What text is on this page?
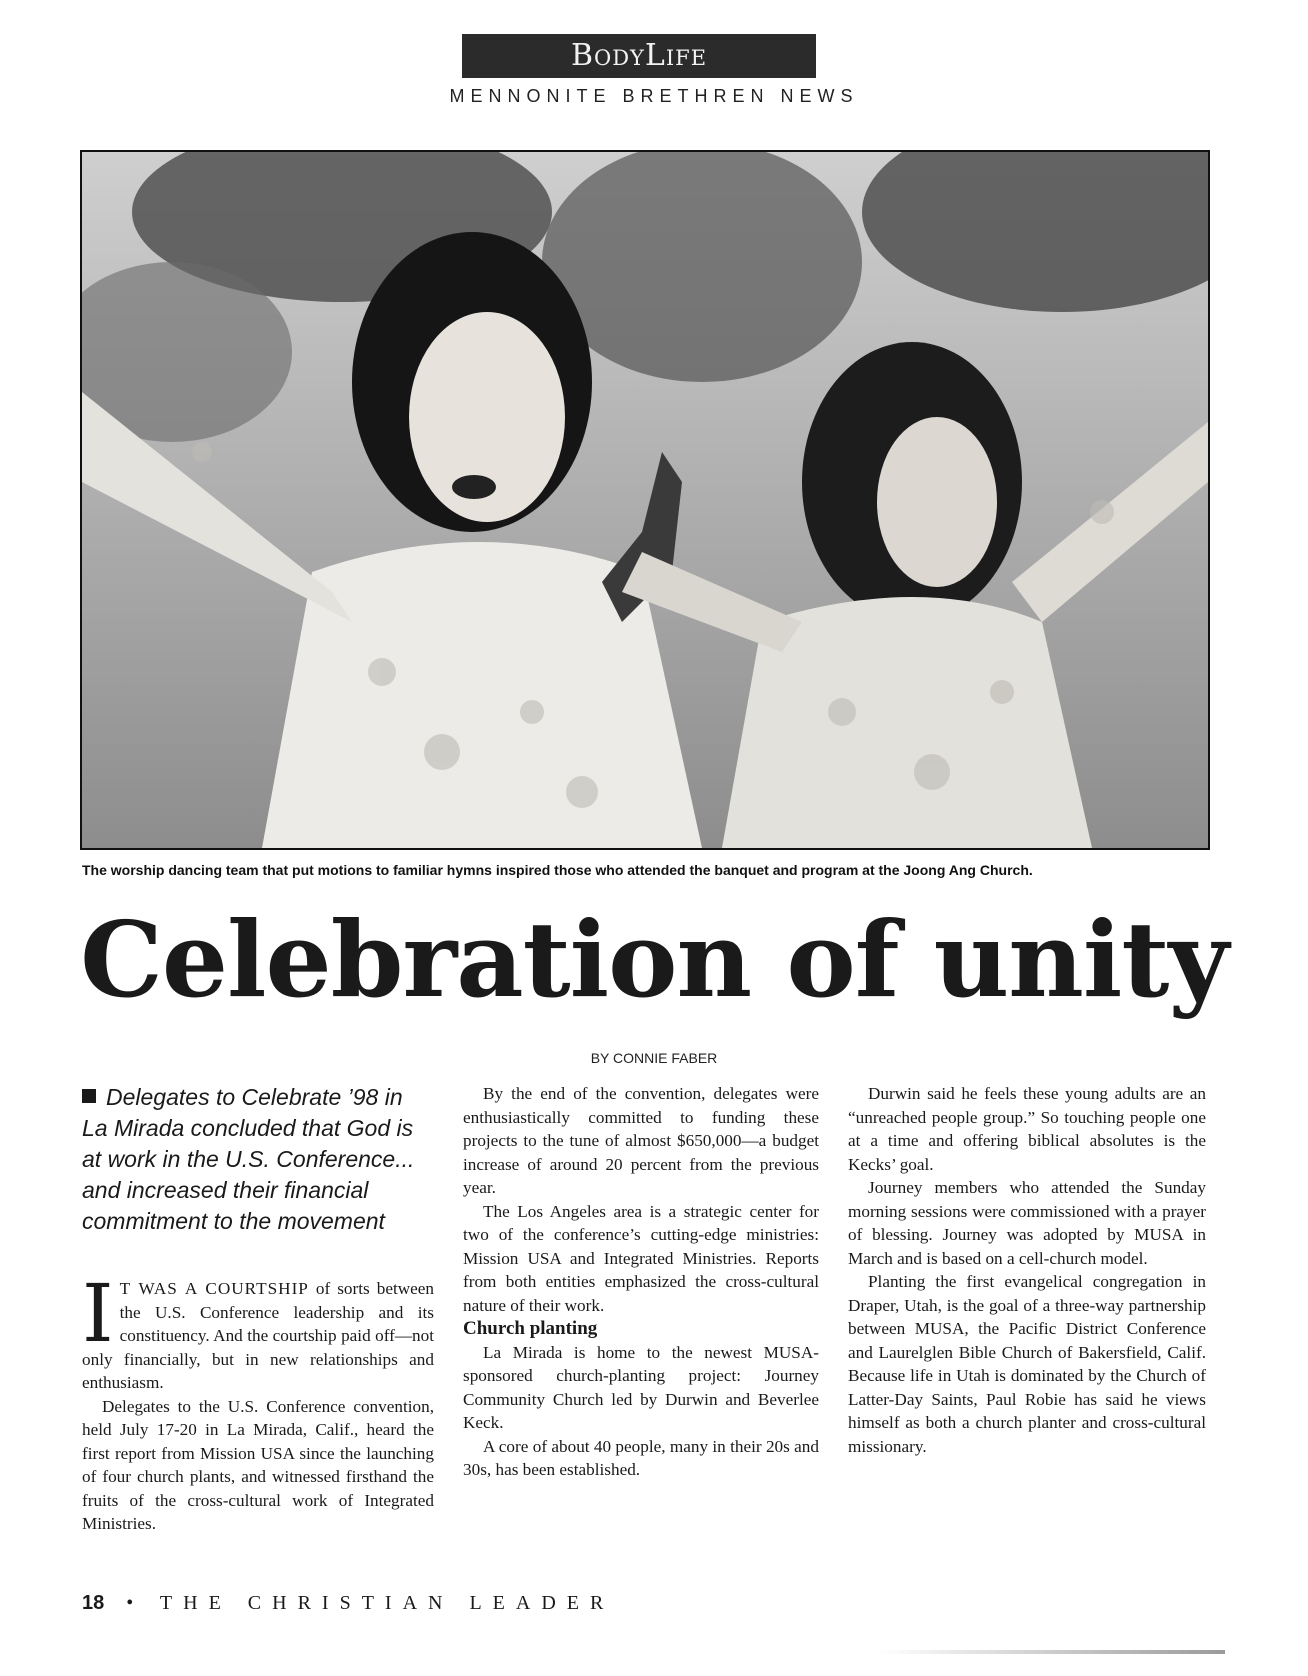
BodyLife
MENNONITE BRETHREN NEWS
The worship dancing team that put motions to familiar hymns inspired those who attended the banquet and program at the Joong Ang Church.
Celebration of unity
BY CONNIE FABER
Delegates to Celebrate ’98 in La Mirada concluded that God is at work in the U.S. Conference... and increased their financial commitment to the movement

I T WAS A COURTSHIP of sorts between the U.S. Conference leadership and its constituency. And the courtship paid off—not only financially, but in new relationships and enthusiasm.

Delegates to the U.S. Conference convention, held July 17-20 in La Mirada, Calif., heard the first report from Mission USA since the launching of four church plants, and witnessed firsthand the fruits of the cross-cultural work of Integrated Ministries.

By the end of the convention, delegates were enthusiastically committed to funding these projects to the tune of almost $650,000—a budget increase of around 20 percent from the previous year.

The Los Angeles area is a strategic center for two of the conference’s cutting-edge ministries: Mission USA and Integrated Ministries. Reports from both entities emphasized the cross-cultural nature of their work.

Church planting

La Mirada is home to the newest MUSA-sponsored church-planting project: Journey Community Church led by Durwin and Beverlee Keck.

A core of about 40 people, many in their 20s and 30s, has been established.

Durwin said he feels these young adults are an “unreached people group.” So touching people one at a time and offering biblical absolutes is the Kecks’ goal.

Journey members who attended the Sunday morning sessions were commissioned with a prayer of blessing. Journey was adopted by MUSA in March and is based on a cell-church model.

Planting the first evangelical congregation in Draper, Utah, is the goal of a three-way partnership between MUSA, the Pacific District Conference and Laurelglen Bible Church of Bakersfield, Calif. Because life in Utah is dominated by the Church of Latter-Day Saints, Paul Robie has said he views himself as both a church planter and cross-cultural missionary.

18 • THE CHRISTIAN LEADER
